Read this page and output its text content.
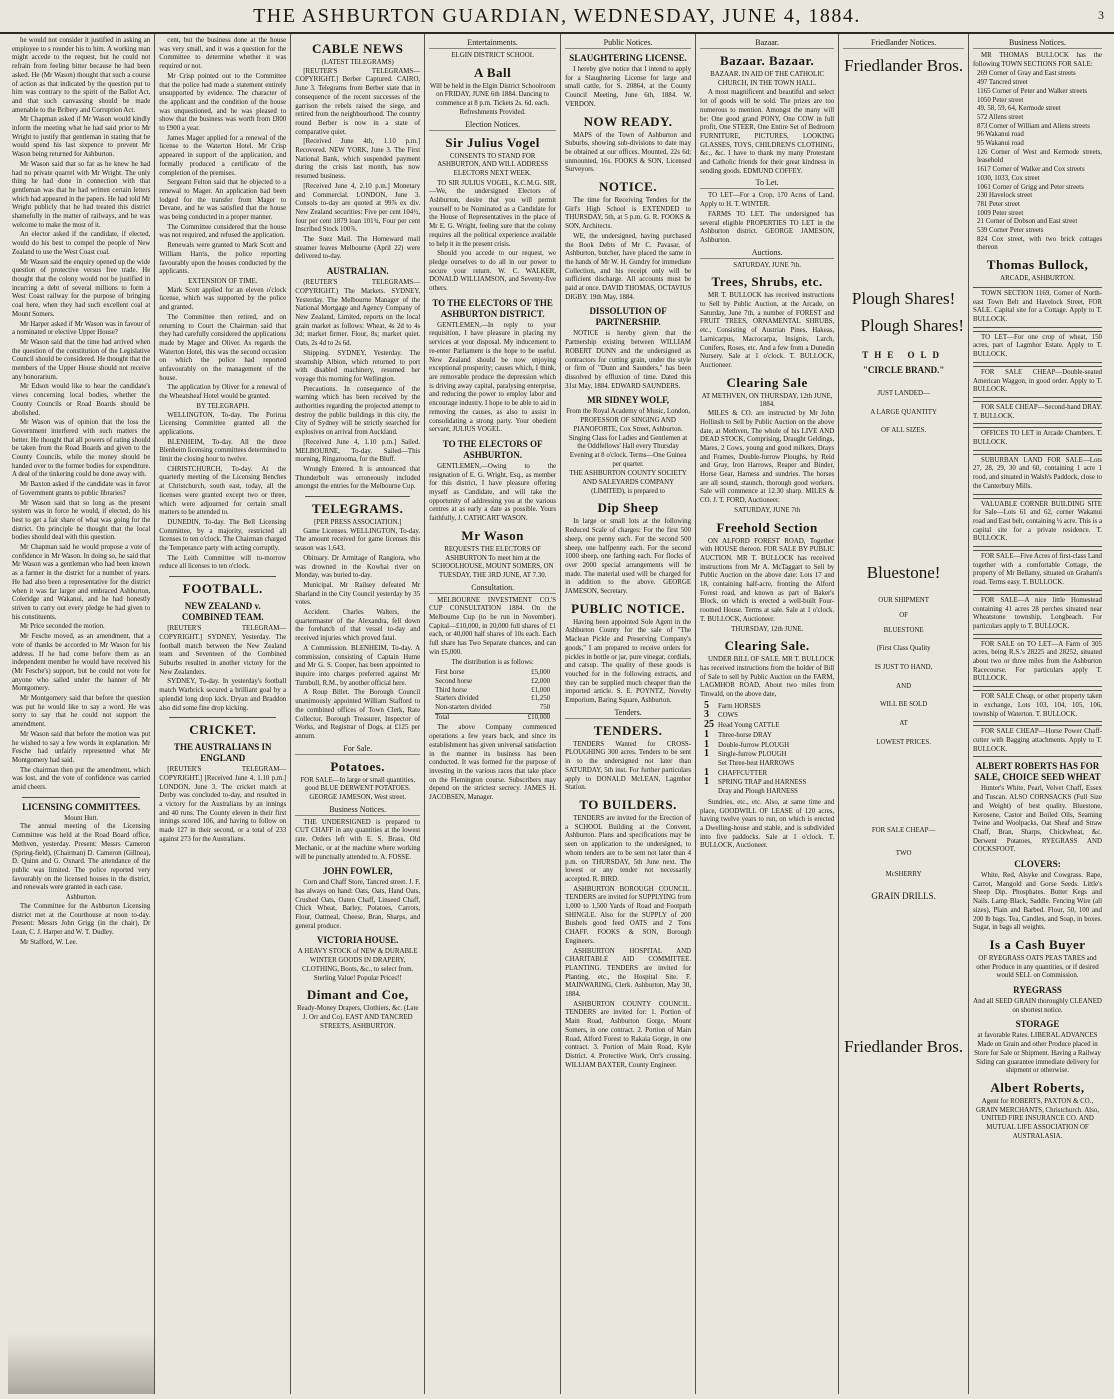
THE ASHBURTON GUARDIAN, WEDNESDAY, JUNE 4, 1884.	3

he would not consider it justified in asking an employee to s rounder his to him. A working man might accede to the request, but he could not refrain from feeling bitter because he had been asked. He (Mr Wason) thought that such a course of action as that indicated by the question put to him was contrary to the spirit of the Ballot Act, and that such canvassing should be made amenable to the Bribery and Corruption Act.

Mr Chapman asked if Mr Wason would kindly inform the meeting what he had said prior to Mr Wright to justify that gentleman in stating that he would spend his last sixpence to prevent Mr Wason being returned for Ashburton.

Mr Wason said that so far as he knew he had had no private quarrel with Mr Wright. The only thing he had done in connection with that gentleman was that he had written certain letters which had appeared in the papers. He had told Mr Wright publicly that he had treated this district shamefully in the matter of railways, and he was welcome to make the most of it.

An elector asked if the candidate, if elected, would do his best to compel the people of New Zealand to use the West Coast coal.

Mr Wason said the enquiry opened up the wide question of protective versus free trade. He thought that the colony would not be justified in incurring a debt of several millions to form a West Coast railway for the purpose of bringing coal here, when they had such excellent coal at Mount Somers.

Mr Harper asked if Mr Wason was in favour of a nominated or elective Upper House?

Mr Wason said that the time had arrived when the question of the constitution of the Legislative Council should be considered. He thought that the members of the Upper House should not receive any honorarium.

Mr Edson would like to hear the candidate's views concerning local bodies, whether the County Councils or Road Boards should be abolished.

Mr Wason was of opinion that the loss the Government interfered with such matters the better. He thought that all powers of rating should be taken from the Road Boards and given to the County Councils, while the money should be handed over to the former bodies for expenditure. A deal of the tinkering could be done away with.

Mr Baxton asked if the candidate was in favor of Government grants to public libraries?

Mr Wason said that so long as the present system was in force he would, if elected, do his best to get a fair share of what was going for the district. On principle he thought that the local bodies should deal with this question.

Mr Chapman said he would propose a vote of confidence in Mr Wason. In doing so, he said that Mr Wason was a gentleman who had been known as a farmer in the district for a number of years. He had also been a representative for the district when it was far larger and embraced Ashburton, Coleridge and Wakanui, and he had honestly striven to carry out every pledge he had given to his constituents.

Mr Price seconded the motion.

Mr Fesche moved, as an amendment, that a vote of thanks be accorded to Mr Wason for his address. If he had come before them as an independent member he would have received his (Mr Fesche's) support, but he could not vote for anyone who sailed under the banner of Mr Montgomery.

Mr Montgomery said that before the question was put he would like to say a word. He was sorry to say that he could not support the amendment.

Mr Wason said that before the motion was put he wished to say a few words in explanation. Mr Fesche had unfairly represented what Mr Montgomery had said.

The chairman then put the amendment, which was lost, and the vote of confidence was carried amid cheers.

LICENSING COMMITTEES.
Mount Hutt.

The annual meeting of the Licensing Committee was held at the Road Board office, Methven, yesterday. Present: Messrs Cameron (Spring-field), (Chairman) D. Cameron (Gillnea), D. Quinn and G. Oxnard. The attendance of the public was limited. The police reported very favourably on the licensed houses in the district, and renewals were granted in each case.

Ashburton.

The Committee for the Ashburton Licensing district met at the Courthouse at noon to-day. Present: Messrs John Grigg (in the chair), Dr Lean, C. J. Harper and W. T. Dudley.

Mr Stafford, W. Lee.

cent, but the business done at the house was very small, and it was a question for the Committee to determine whether it was required or not.

Mr Crisp pointed out to the Committee that the police had made a statement entirely unsupported by evidence. The character of the applicant and the condition of the house was unquestioned, and he was pleased to show that the business was worth from £800 to £900 a year.

James Mager applied for a renewal of the license to the Waterton Hotel. Mr Crisp appeared in support of the application, and formally produced a certificate of the completion of the premises.

Sergeant Felton said that he objected to a renewal to Mager. An application had been lodged for the transfer from Mager to Devane, and he was satisfied that the house was being conducted in a proper manner.

The Committee considered that the house was not required, and refused the application.

Renewals were granted to Mark Scott and William Harris, the police reporting favourably upon the houses conducted by the applicants.

EXTENSION OF TIME.

Mark Scott applied for an eleven o'clock license, which was supported by the police and granted.

The Committee then retired, and on returning to Court the Chairman said that they had carefully considered the applications made by Mager and Oliver. As regards the Waterton Hotel, this was the second occasion on which the police had reported unfavourably on the management of the house.

The application by Oliver for a renewal of the Wheatsheaf Hotel would be granted.

BY TELEGRAPH.

WELLINGTON, To-day. The Porirua Licensing Committee granted all the applications.

BLENHEIM, To-day. All the three Blenheim licensing committees determined to limit the closing hour to twelve.

CHRISTCHURCH, To-day. At the quarterly meeting of the Licensing Benches at Christchurch, south east, today, all the licenses were granted except two or three, which were adjourned for certain small matters to be attended to.

DUNEDIN, To-day. The Bell Licensing Committee, by a majority, restricted all licenses to ten o'clock. The Chairman charged the Temperance party with acting corruptly.

The Leith Committee will to-morrow reduce all licenses to ten o'clock.

FOOTBALL.
NEW ZEALAND v. COMBINED TEAM.

[REUTER'S TELEGRAM—COPYRIGHT.] SYDNEY, Yesterday. The football match between the New Zealand team and Seventeen of the Combined Suburbs resulted in another victory for the New Zealanders.

SYDNEY, To-day. In yesterday's football match Warbrick secured a brilliant goal by a splendid long drop kick. Dryan and Braddon also did some fine drop kicking.

CRICKET.
THE AUSTRALIANS IN ENGLAND

[REUTER'S TELEGRAM—COPYRIGHT.] [Received June 4, 1.10 p.m.] LONDON, June 3. The cricket match at Derby was concluded to-day, and resulted in a victory for the Australians by an innings and 40 runs. The County eleven in their first innings scored 106, and having to follow on made 127 in their second, or a total of 233 against 273 for the Australians.

CABLE NEWS
(LATEST TELEGRAMS)

[REUTER'S TELEGRAMS—COPYRIGHT.] Berber Captured. CAIRO, June 3. Telegrams from Berber state that in consequence of the recent successes of the garrison the rebels raised the siege, and retired from the neighbourhood. The country round Berber is now in a state of comparative quiet.

[Received June 4th, 1.10 p.m.] Recovered. NEW YORK, June 3. The First National Bank, which suspended payment during the crisis last month, has now resumed business.

[Received June 4, 2.10 p.m.] Monetary and Commercial. LONDON, June 3. Consols to-day are quoted at 99⅞ ex div. New Zealand securities: Five per cent 104½, four per cent 1879 loan 101¾, Four per cent Inscribed Stock 100⅞.

The Suez Mail. The Homeward mail steamer leaves Melbourne (April 22) were delivered to-day.

AUSTRALIAN.

(REUTER'S TELEGRAMS—COPYRIGHT.) The Markets. SYDNEY, Yesterday. The Melbourne Manager of the National Mortgage and Agency Company of New Zealand, Limited, reports on the local grain market as follows: Wheat, 4s 2d to 4s 3d; market firmer. Flour, 8s; market quiet. Oats, 2s 4d to 2s 6d.

Shipping. SYDNEY, Yesterday. The steamship Albion, which returned to port with disabled machinery, resumed her voyage this morning for Wellington.

Precautions. In consequence of the warning which has been received by the authorities regarding the projected attempt to destroy the public buildings in this city, the City of Sydney will be strictly searched for explosives on arrival from Auckland.

[Received June 4, 1.10 p.m.] Sailed. MELBOURNE, To-day. Sailed—This morning, Ringarooma, for the Bluff.

Wrongly Entered. It is announced that Thunderbolt was erroneously included amongst the entries for the Melbourne Cup.

TELEGRAMS.
[PER PRESS ASSOCIATION.]

Game Licenses. WELLINGTON, To-day. The amount received for game licenses this season was 1,643.

Obituary. Dr Armitage of Rangiora, who was drowned in the Kowhai river on Monday, was buried to-day.

Municipal. Mr Railsey defeated Mr Sharland in the City Council yesterday by 35 votes.

Accident. Charles Walters, the quartermaster of the Alexandra, fell down the forehatch of that vessel to-day and received injuries which proved fatal.

A Commission. BLENHEIM, To-day. A commission, consisting of Captain Hume and Mr G. S. Cooper, has been appointed to inquire into charges preferred against Mr Turnbull, R.M., by another official here.

A Roup Billet. The Borough Council unanimously appointed William Stafford to the combined offices of Town Clerk, Rate Collector, Borough Treasurer, Inspector of Works, and Registrar of Dogs, at £125 per annum.

For Sale.
Potatoes.

FOR SALE—In large or small quantities, good BLUE DERWENT POTATOES. GEORGE JAMESON, West street.

Business Notices.

THE UNDERSIGNED is prepared to CUT CHAFF in any quantities at the lowest rate. Orders left with E. S. Brass, Old Mechanic, or at the machine where working will be punctually attended to. A. FOSSE.

JOHN FOWLER,

Corn and Chaff Store, Tancred street. J. F. has always on hand: Oats, Oats, Hand Oats, Crushed Oats, Oaten Chaff, Linseed Chaff, Chick Wheat, Barley, Potatoes, Carrots, Flour, Oatmeal, Cheese, Bran, Sharps, and general produce.

VICTORIA HOUSE.

A HEAVY STOCK of NEW & DURABLE WINTER GOODS IN DRAPERY, CLOTHING, Boots, &c., to select from. Sterling Value! Popular Prices!!

Dimant and Coe,

Ready-Money Drapers, Clothiers, &c. (Late J. Orr and Co). EAST AND TANCRED STREETS, ASHBURTON.

Entertainments.
ELGIN DISTRICT SCHOOL
A Ball

Will be held in the Elgin District Schoolroom on FRIDAY, JUNE 6th 1884. Dancing to commence at 8 p.m. Tickets 2s. 6d. each. Refreshments Provided.

Election Notices.
Sir Julius Vogel

CONSENTS TO STAND FOR ASHBURTON, AND WILL ADDRESS ELECTORS NEXT WEEK.

TO SIR JULIUS VOGEL, K.C.M.G. SIR,—We, the undersigned Electors of Ashburton, desire that you will permit yourself to be Nominated as a Candidate for the House of Representatives in the place of Mr E. G. Wright, feeling sure that the colony requires all the political experience available to help it in the present crisis.

Should you accede to our request, we pledge ourselves to do all in our power to secure your return. W. C. WALKER, DONALD WILLIAMSON, and Seventy-five others.

TO THE ELECTORS OF THE ASHBURTON DISTRICT.

GENTLEMEN,—In reply to your requisition, I have pleasure in placing my services at your disposal. My inducement to re-enter Parliament is the hope to be useful. New Zealand should be now enjoying exceptional prosperity; causes which, I think, are removable produce the depression which is driving away capital, paralysing enterprise, and reducing the power to employ labor and encourage industry. I hope to be able to aid in removing the causes, as also to assist in consolidating a strong party. Your obedient servant, JULIUS VOGEL.

TO THE ELECTORS OF ASHBURTON.

GENTLEMEN,—Owing to the resignation of E. G. Wright, Esq., as member for this district, I have pleasure offering myself as Candidate, and will take the opportunity of addressing you at the various centres at as early a date as possible. Yours faithfully, J. CATHCART WASON.

Mr Wason

REQUESTS THE ELECTORS OF ASHBURTON To meet him at the SCHOOLHOUSE, MOUNT SOMERS, ON TUESDAY, THE 3RD JUNE, AT 7.30.

Consultation.

MELBOURNE INVESTMENT CO.'S CUP CONSULTATION 1884. On the Melbourne Cup (to be run in November). Capital—£10,000, in 20,000 full shares of £1 each, or 40,000 half shares of 10s each. Each full share has Two Separate chances, and can win £5,000.

The distribution is as follows:
First horse	£5,000
Second horse	£2,000
Third horse	£1,000
Starters divided	£1,250
Non-starters divided	750
Total	£10,000

The above Company commenced operations a few years back, and since its establishment has given universal satisfaction in the manner its business has been conducted. It was formed for the purpose of investing in the various races that take place on the Flemington course. Subscribers may depend on the strictest secrecy. JAMES H. JACOBSEN, Manager.

Public Notices.
SLAUGHTERING LICENSE.

I hereby give notice that I intend to apply for a Slaughtering License for large and small cattle, for S. 20864, at the County Council Meeting, June 6th, 1884. W. VERDON.

NOW READY.

MAPS of the Town of Ashburton and Suburbs, showing sub-divisions to date may be obtained at our offices. Mounted, 22s 6d; unmounted, 16s. FOOKS & SON, Licensed Surveyors.

NOTICE.

The time for Receiving Tenders for the Girl's High School is EXTENDED to THURSDAY, 5th, at 5 p.m. G. R. FOOKS & SON, Architects.

WE, the undersigned, having purchased the Book Debts of Mr C. Pavasar, of Ashburton, butcher, have placed the same in the hands of Mr W. H. Gundry for immediate Collection, and his receipt only will be sufficient discharge. All accounts must be paid at once. DAVID THOMAS, OCTAVIUS DIGBY. 19th May, 1884.

DISSOLUTION OF PARTNERSHIP.

NOTICE is hereby given that the Partnership existing between WILLIAM ROBERT DUNN and the undersigned as contractors for cutting grain, under the style or firm of "Dunn and Saunders," has been dissolved by effluxion of time. Dated this 31st May, 1884. EDWARD SAUNDERS.

MR SIDNEY WOLF,

From the Royal Academy of Music, London, PROFESSOR OF SINGING AND PIANOFORTE, Cox Street, Ashburton. Singing Class for Ladies and Gentlemen at the Oddfellows' Hall every Thursday Evening at 8 o'clock. Terms—One Guinea per quarter.

THE ASHBURTON COUNTY SOCIETY AND SALEYARDS COMPANY (LIMITED), is prepared to
Dip Sheep

In large or small lots at the following Reduced Scale of charges: For the first 500 sheep, one penny each. For the second 500 sheep, one halfpenny each. For the second 1000 sheep, one farthing each. For flocks of over 2000 special arrangements will be made. The material used will be charged for in addition to the above. GEORGE JAMESON, Secretary.

PUBLIC NOTICE.

Having been appointed Sole Agent in the Ashburton County for the sale of "The Maclean Pickle and Preserving Company's goods," I am prepared to receive orders for pickles in bottle or jar, pure vinegar, cordials, and catsup. The quality of these goods is vouched for in the following extracts, and they can be supplied much cheaper than the imported article. S. E. POYNTZ, Novelty Emporium, Baring Square, Ashburton.

Tenders.
TENDERS.

TENDERS Wanted for CROSS-PLOUGHING 300 acres. Tenders to be sent in to the undersigned not later than SATURDAY, 5th inst. For further particulars apply to DONALD McLEAN, Lagmhor Station.

TO BUILDERS.

TENDERS are invited for the Erection of a SCHOOL Building at the Convent, Ashburton. Plans and specifications may be seen on application to the undersigned, to whom tenders are to be sent not later than 4 p.m. on THURSDAY, 5th June next. The lowest or any tender not necessarily accepted. R. BIRD.

ASHBURTON BOROUGH COUNCIL. TENDERS are invited for SUPPLYING from 1,000 to 1,500 Yards of Road and Footpath SHINGLE. Also for the SUPPLY of 200 Bushels good feed OATS and 2 Tons CHAFF. FOOKS & SON, Borough Engineers.

ASHBURTON HOSPITAL AND CHARITABLE AID COMMITTEE. PLANTING. TENDERS are invited for Planting, etc., the Hospital Site. F. MAINWARING, Clerk. Ashburton, May 30, 1884.

ASHBURTON COUNTY COUNCIL. TENDERS are invited for: 1. Portion of Main Road, Ashburton Gorge, Mount Somers, in one contract. 2. Portion of Main Road, Alford Forest to Rakaia Gorge, in one contract. 3. Portion of Main Road, Kyle District. 4. Protective Work, Orr's crossing. WILLIAM BAXTER, County Engineer.

Bazaar.
Bazaar. Bazaar.

BAZAAR. IN AID OF THE CATHOLIC CHURCH, IN THE TOWN HALL.

A most magnificent and beautiful and select lot of goods will be sold. The prizes are too numerous to mention. Amongst the many will be: One good grand PONY, One COW in full profit, One STEER, One Entire Set of Bedroom FURNITURE, PICTURES, LOOKING GLASSES, TOYS, CHILDREN'S CLOTHING, &c., &c. I have to thank my many Protestant and Catholic friends for their great kindness in sending goods. EDMUND COFFEY.

To Let.

TO LET—For a Crop, 170 Acres of Land. Apply to H. T. WINTER.

FARMS TO LET. The undersigned has several eligible PROPERTIES TO LET in the Ashburton district. GEORGE JAMESON, Ashburton.

Auctions.
SATURDAY, JUNE 7th.
Trees, Shrubs, etc.

MR T. BULLOCK has received instructions to Sell by Public Auction, at the Arcade, on Saturday, June 7th, a number of FOREST and FRUIT TREES, ORNAMENTAL SHRUBS, etc., Consisting of Austrian Pines, Hakeas, Larnicarpus, Macrocarpa, Insignis, Larch, Conifers, Roses, etc. And a few from a Dunedin Nursery. Sale at 1 o'clock. T. BULLOCK, Auctioneer.

Clearing Sale
AT METHVEN, ON THURSDAY, 12th JUNE, 1884.

MILES & CO. are instructed by Mr John Hollinsh to Sell by Public Auction on the above date, at Methven, The whole of his LIVE AND DEAD STOCK, Comprising, Draught Geldings, Mares, 2 Cows, young and good milkers, Drays and Frames, Double-furrow Ploughs, by Reid and Gray, Iron Harrows, Reaper and Binder, Horse Gear, Harness and sundries. The horses are all sound, staunch, thorough good workers. Sale will commence at 12.30 sharp. MILES & CO. J. T. FORD, Auctioneer.

SATURDAY, JUNE 7th
Freehold Section

ON ALFORD FOREST ROAD, Together with HOUSE thereon. FOR SALE BY PUBLIC AUCTION. MR T. BULLOCK has received instructions from Mr A. McTaggart to Sell by Public Auction on the above date: Lots 17 and 18, containing half-acre, fronting the Alford Forest road, and known as part of Baker's Block, on which is erected a well-built Four-roomed House. Terms at sale. Sale at 1 o'clock. T. BULLOCK, Auctioneer.

THURSDAY, 12th JUNE.
Clearing Sale.

UNDER BILL OF SALE. MR T. BULLOCK has received instructions from the holder of Bill of Sale to sell by Public Auction on the FARM, LAGMHOR ROAD, About two miles from Tinwald, on the above date,

5 Farm HORSES
3 COWS
25 Head Young CATTLE
1 Three-horse DRAY
1 Double-furrow PLOUGH
1 Single-furrow PLOUGH
Set Three-best HARROWS
1 CHAFFCUTTER
1 SPRING TRAP and HARNESS
Dray and Plough HARNESS

Sundries, etc., etc. Also, at same time and place, GOODWILL OF LEASE of 120 acres, having twelve years to run, on which is erected a Dwelling-house and stable, and is subdivided into five paddocks. Sale at 1 o'clock. T. BULLOCK, Auctioneer.

Friedlander Notices.
Friedlander Bros.
Plough Shares!
Plough Shares!
THE OLD
"CIRCLE BRAND."
JUST LANDED—
A LARGE QUANTITY
OF ALL SIZES.
Bluestone!
OUR SHIPMENT
OF
BLUESTONE
(First Class Quality
IS JUST TO HAND,
AND
WILL BE SOLD
AT
LOWEST PRICES.
FOR SALE CHEAP—
TWO
McSHERRY
GRAIN DRILLS.
Friedlander Bros.
Business Notices.

MR THOMAS BULLOCK has the following TOWN SECTIONS FOR SALE:

269 Corner of Gray and East streets
497 Tancred street
1165 Corner of Peter and Walker streets
1050 Peter street
49, 58, 59, 64, Kermode street
572 Allens street
873 Corner of William and Allens streets
96 Wakanui road
95 Wakanui road
126 Corner of West and Kermode streets, leasehold
1617 Corner of Walker and Cox streets
1030, 1033, Cox street
1061 Corner of Grigg and Peter streets
230 Havelock street
781 Peter street
1009 Peter street
21 Corner of Dobson and East street
539 Corner Peter streets
824 Cox street, with two brick cottages thereon
Thomas Bullock,
ARCADE, ASHBURTON.

TOWN SECTION 1169, Corner of North-east Town Belt and Havelock Street, FOR SALE. Capital site for a Cottage. Apply to T. BULLOCK.

TO LET—For one crop of wheat, 150 acres, part of Lagmhor Estate. Apply to T. BULLOCK.

FOR SALE CHEAP—Double-seated American Waggon, in good order. Apply to T. BULLOCK.

FOR SALE CHEAP—Second-hand DRAY. T. BULLOCK.

OFFICES TO LET in Arcade Chambers. T. BULLOCK.

SUBURBAN LAND FOR SALE—Lots 27, 28, 29, 30 and 60, containing 1 acre 1 rood, and situated in Walsh's Paddock, close to the Canterbury Mills.

VALUABLE CORNER BUILDING SITE for Sale—Lots 61 and 62, corner Wakanui road and East belt, containing ¼ acre. This is a capital site for a private residence. T. BULLOCK.

FOR SALE—Five Acres of first-class Land together with a comfortable Cottage, the property of Mr Bellamy, situated on Graham's road. Terms easy. T. BULLOCK.

FOR SALE—A nice little Homestead containing 41 acres 28 perches situated near Wheatstone township, Longbeach. For particulars apply to T. BULLOCK.

FOR SALE on TO LET—A Farm of 305 acres, being R.S.'s 28225 and 28252, situated about two or three miles from the Ashburton Racecourse. For particulars apply T. BULLOCK.

FOR SALE Cheap, or other property taken in exchange, Lots 103, 104, 105, 106, township of Waterton. T. BULLOCK.

FOR SALE CHEAP—Horse Power Chaff-cutter with Bagging attachments. Apply to T. BULLOCK.

ALBERT ROBERTS HAS FOR SALE, CHOICE SEED WHEAT

Hunter's White, Pearl, Velvet Chaff, Essex and Tuscan. ALSO CORNSACKS (Full Size and Weight) of best quality. Bluestone, Kerosene, Castor and Boiled Oils, Seaming Twine and Woolpacks, Oat Sheaf and Straw Chaff, Bran, Sharps, Chickwheat, &c. Derwent Potatoes, RYEGRASS AND COCKSFOOT.

CLOVERS:

White, Red, Alsyke and Cowgrass. Rape, Carrot, Mangold and Gorse Seeds. Little's Sheep Dip. Phosphates. Butter Kegs and Nails. Lamp Black, Saddle. Fencing Wire (all sizes), Plain and Barbed. Flour, 50, 100 and 200 lb bags. Tea, Candles, and Soap, in boxes. Sugar, in bags all weights.

Is a Cash Buyer

OF RYEGRASS OATS PEAS TARES and other Produce in any quantities, or if desired would SELL on Commission.

RYEGRASS

And all SEED GRAIN thoroughly CLEANED on shortest notice.

STORAGE

at favorable Rates. LIBERAL ADVANCES Made on Grain and other Produce placed in Store for Sale or Shipment. Having a Railway Siding can guarantee immediate delivery for shipment or otherwise.

Albert Roberts,

Agent for ROBERTS, PAXTON & CO., GRAIN MERCHANTS, Christchurch. Also, UNITED FIRE INSURANCE CO. AND MUTUAL LIFE ASSOCIATION OF AUSTRALASIA.
